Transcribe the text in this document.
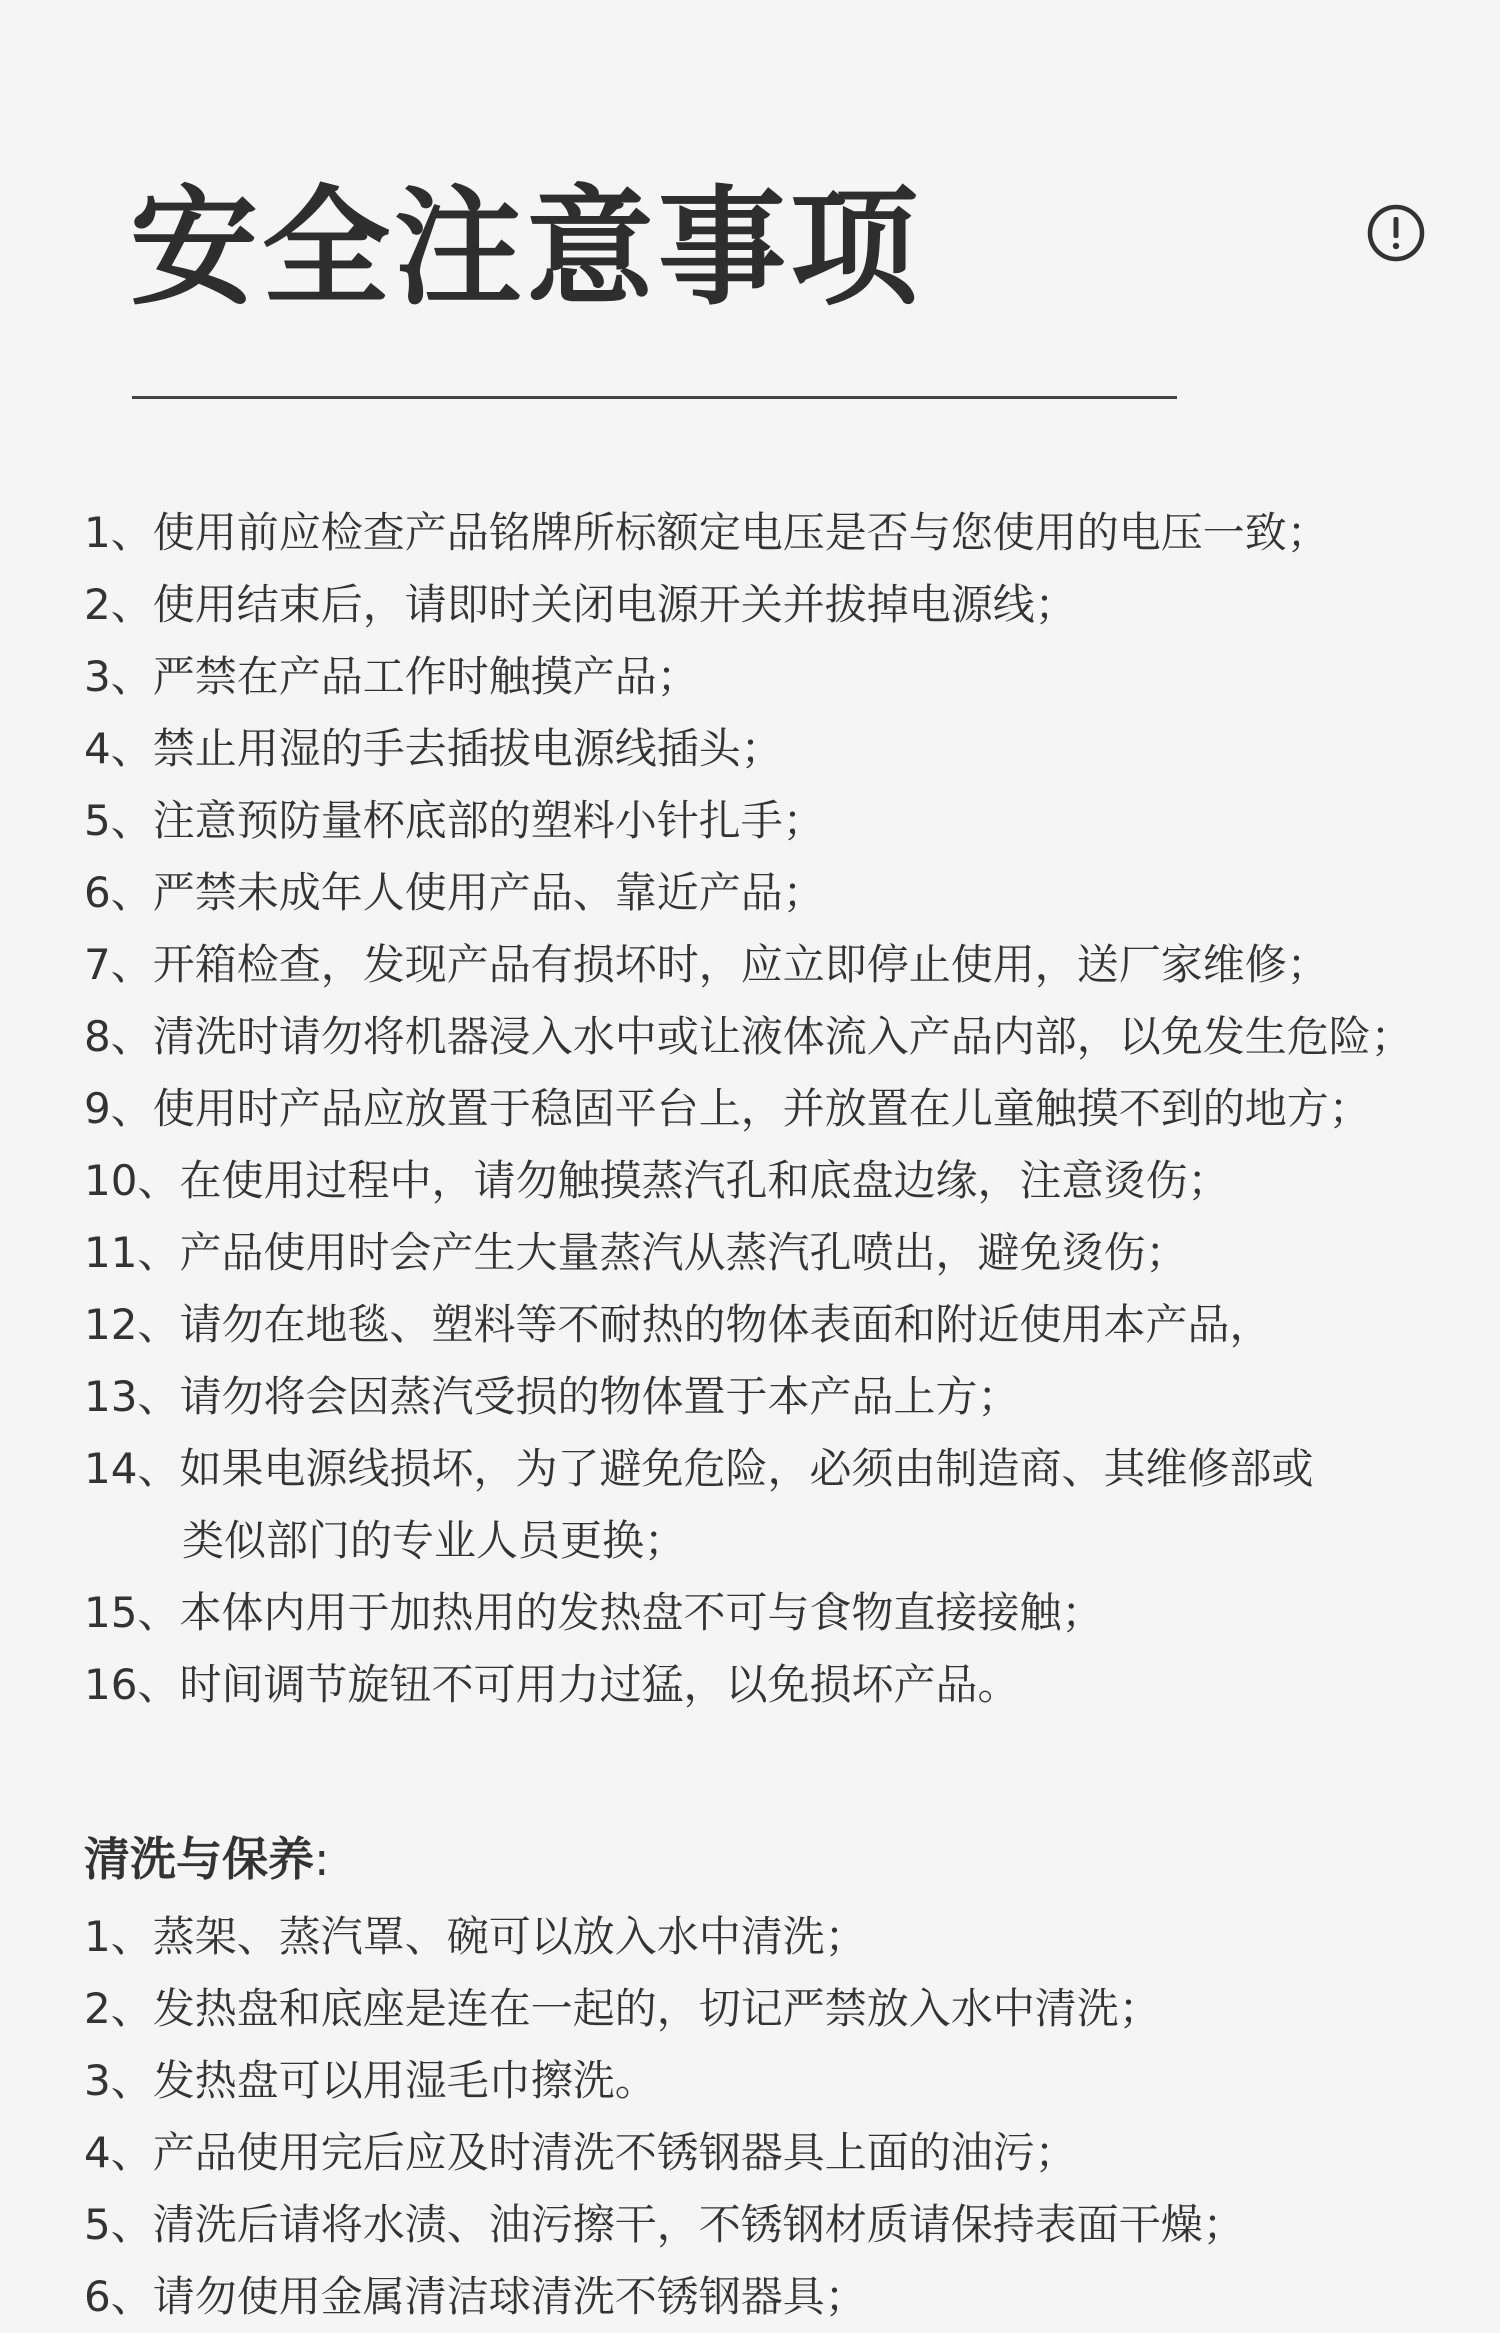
安全注意事项
1、使用前应检查产品铭牌所标额定电压是否与您使用的电压一致；
2、使用结束后，请即时关闭电源开关并拔掉电源线；
3、严禁在产品工作时触摸产品；
4、禁止用湿的手去插拔电源线插头；
5、注意预防量杯底部的塑料小针扎手；
6、严禁未成年人使用产品、靠近产品；
7、开箱检查，发现产品有损坏时，应立即停止使用，送厂家维修；
8、清洗时请勿将机器浸入水中或让液体流入产品内部，以免发生危险；
9、使用时产品应放置于稳固平台上，并放置在儿童触摸不到的地方；
10、在使用过程中，请勿触摸蒸汽孔和底盘边缘，注意烫伤；
11、产品使用时会产生大量蒸汽从蒸汽孔喷出，避免烫伤；
12、请勿在地毯、塑料等不耐热的物体表面和附近使用本产品，
13、请勿将会因蒸汽受损的物体置于本产品上方；
14、如果电源线损坏，为了避免危险，必须由制造商、其维修部或
类似部门的专业人员更换；
15、本体内用于加热用的发热盘不可与食物直接接触；
16、时间调节旋钮不可用力过猛，以免损坏产品。
清洗与保养:
1、蒸架、蒸汽罩、碗可以放入水中清洗；
2、发热盘和底座是连在一起的，切记严禁放入水中清洗；
3、发热盘可以用湿毛巾擦洗。
4、产品使用完后应及时清洗不锈钢器具上面的油污；
5、清洗后请将水渍、油污擦干，不锈钢材质请保持表面干燥；
6、请勿使用金属清洁球清洗不锈钢器具；
